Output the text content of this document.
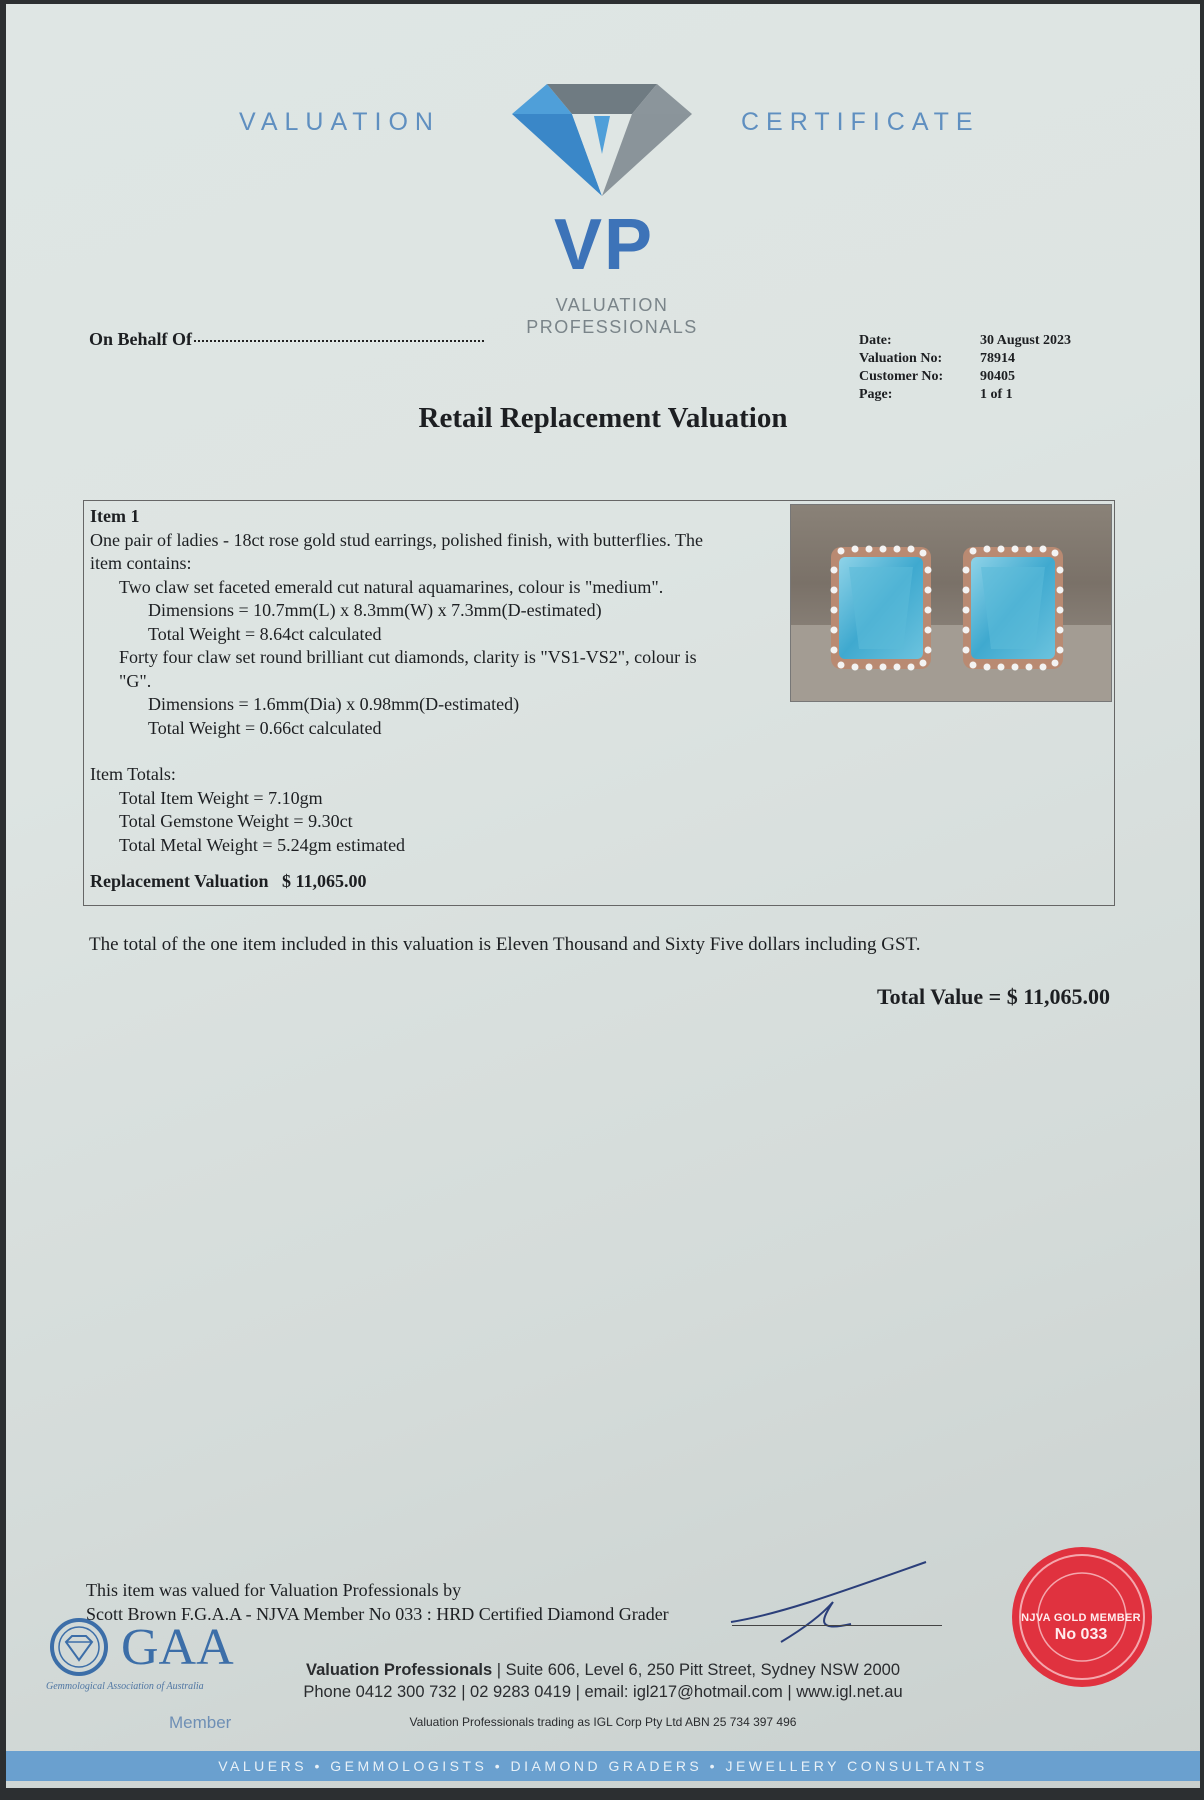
VALUATION	CERTIFICATE
VP
VALUATION
PROFESSIONALS
On Behalf Of	Date:	30 August 2023
Valuation No:	78914
Customer No:	90405
Page:	1 of 1
Retail Replacement Valuation
Item 1
One pair of ladies - 18ct rose gold stud earrings, polished finish, with butterflies. The
item contains:
Two claw set faceted emerald cut natural aquamarines, colour is "medium".
Dimensions = 10.7mm(L) x 8.3mm(W) x 7.3mm(D-estimated)
Total Weight = 8.64ct calculated
Forty four claw set round brilliant cut diamonds, clarity is "VS1-VS2", colour is
"G".
Dimensions = 1.6mm(Dia) x 0.98mm(D-estimated)
Total Weight = 0.66ct calculated
Item Totals:
Total Item Weight = 7.10gm
Total Gemstone Weight = 9.30ct
Total Metal Weight = 5.24gm estimated
Replacement Valuation $ 11,065.00
The total of the one item included in this valuation is Eleven Thousand and Sixty Five dollars including GST.
Total Value = $ 11,065.00
This item was valued for Valuation Professionals by
Scott Brown F.G.A.A - NJVA Member No 033 : HRD Certified Diamond Grader
GAA
Gemmological Association of Australia
Member
Valuation Professionals | Suite 606, Level 6, 250 Pitt Street, Sydney NSW 2000
Phone 0412 300 732 | 02 9283 0419 | email: igl217@hotmail.com | www.igl.net.au
Valuation Professionals trading as IGL Corp Pty Ltd ABN 25 734 397 496
NJVA GOLD MEMBER
No 033
VALUERS • GEMMOLOGISTS • DIAMOND GRADERS • JEWELLERY CONSULTANTS
